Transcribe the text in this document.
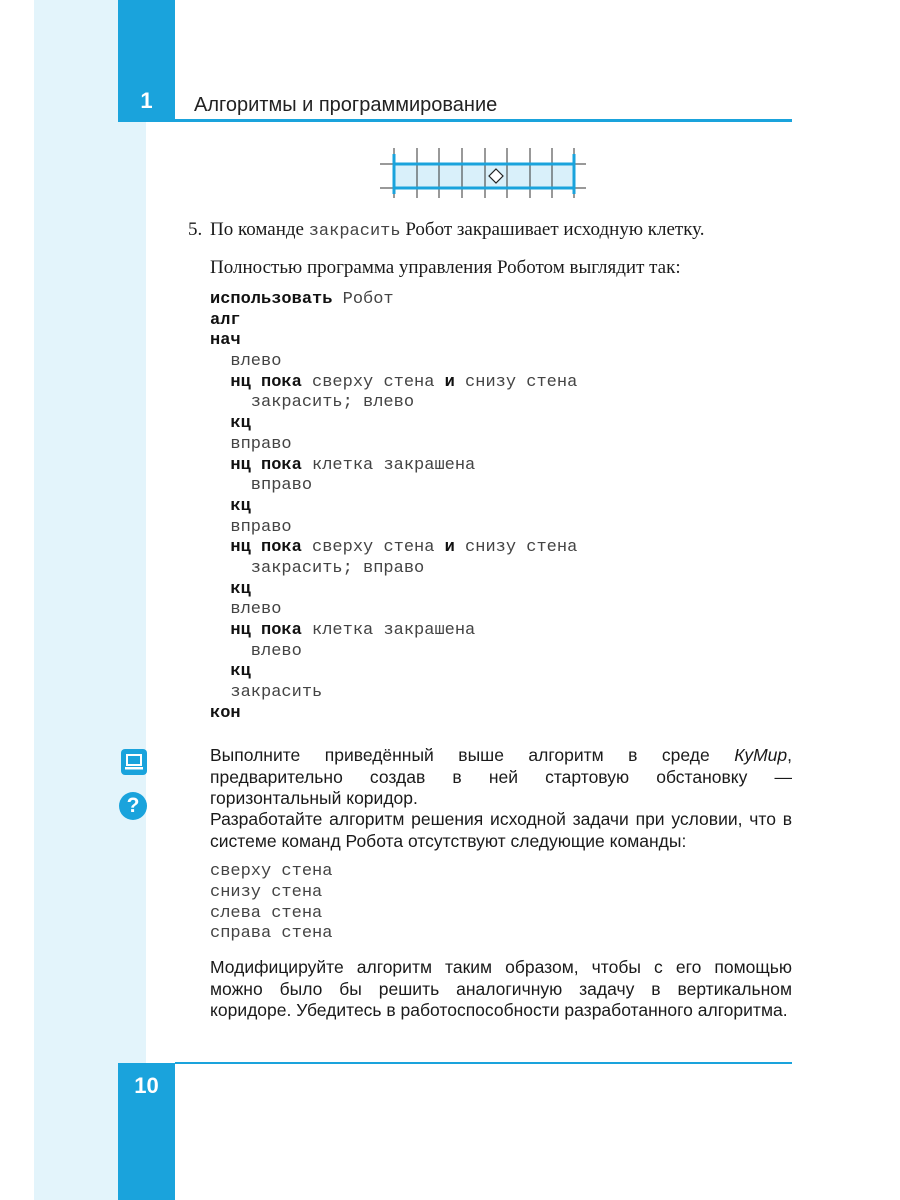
1	Алгоритмы и программирование
5. По команде закрасить Робот закрашивает исходную клетку.
Полностью программа управления Роботом выглядит так:
использовать Робот
алг
нач
влево
нц пока сверху стена и снизу стена
закрасить; влево
кц
вправо
нц пока клетка закрашена
вправо
кц
вправо
нц пока сверху стена и снизу стена
закрасить; вправо
кц
влево
нц пока клетка закрашена
влево
кц
закрасить
кон
?
Выполните приведённый выше алгоритм в среде КуМир, предварительно создав в ней стартовую обстановку — горизонтальный коридор.
Разработайте алгоритм решения исходной задачи при условии, что в системе команд Робота отсутствуют следующие команды:
сверху стена
снизу стена
слева стена
справа стена
Модифицируйте алгоритм таким образом, чтобы с его помощью можно было бы решить аналогичную задачу в вертикальном коридоре. Убедитесь в работоспособности разработанного алгоритма.
10
